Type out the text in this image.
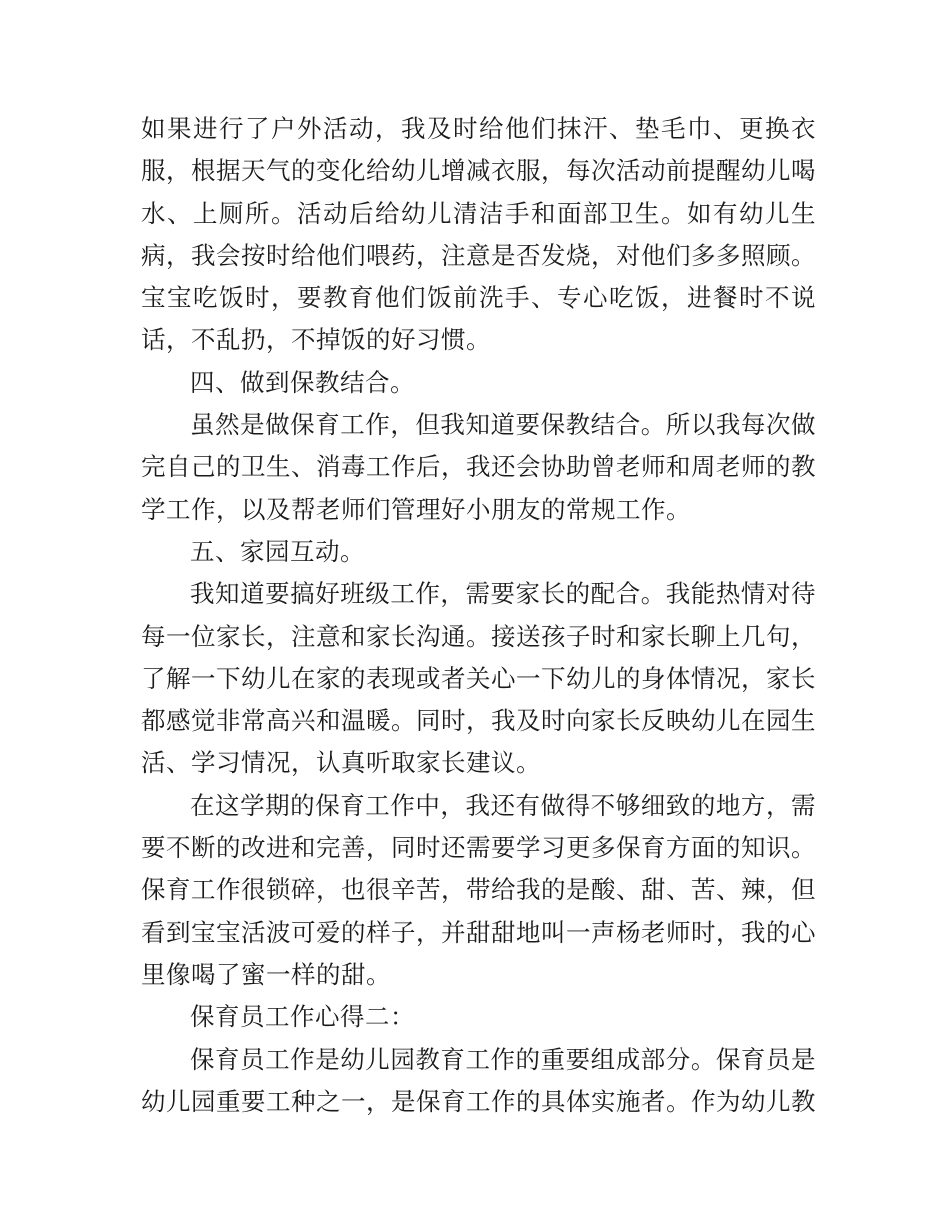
如果进行了户外活动，我及时给他们抹汗、垫毛巾、更换衣服，根据天气的变化给幼儿增减衣服，每次活动前提醒幼儿喝水、上厕所。活动后给幼儿清洁手和面部卫生。如有幼儿生病，我会按时给他们喂药，注意是否发烧，对他们多多照顾。宝宝吃饭时，要教育他们饭前洗手、专心吃饭，进餐时不说话，不乱扔，不掉饭的好习惯。

四、做到保教结合。

虽然是做保育工作，但我知道要保教结合。所以我每次做完自己的卫生、消毒工作后，我还会协助曾老师和周老师的教学工作，以及帮老师们管理好小朋友的常规工作。

五、家园互动。

我知道要搞好班级工作，需要家长的配合。我能热情对待每一位家长，注意和家长沟通。接送孩子时和家长聊上几句，了解一下幼儿在家的表现或者关心一下幼儿的身体情况，家长都感觉非常高兴和温暖。同时，我及时向家长反映幼儿在园生活、学习情况，认真听取家长建议。

在这学期的保育工作中，我还有做得不够细致的地方，需要不断的改进和完善，同时还需要学习更多保育方面的知识。保育工作很锁碎，也很辛苦，带给我的是酸、甜、苦、辣，但看到宝宝活波可爱的样子，并甜甜地叫一声杨老师时，我的心里像喝了蜜一样的甜。

保育员工作心得二：

保育员工作是幼儿园教育工作的重要组成部分。保育员是幼儿园重要工种之一，是保育工作的具体实施者。作为幼儿教
